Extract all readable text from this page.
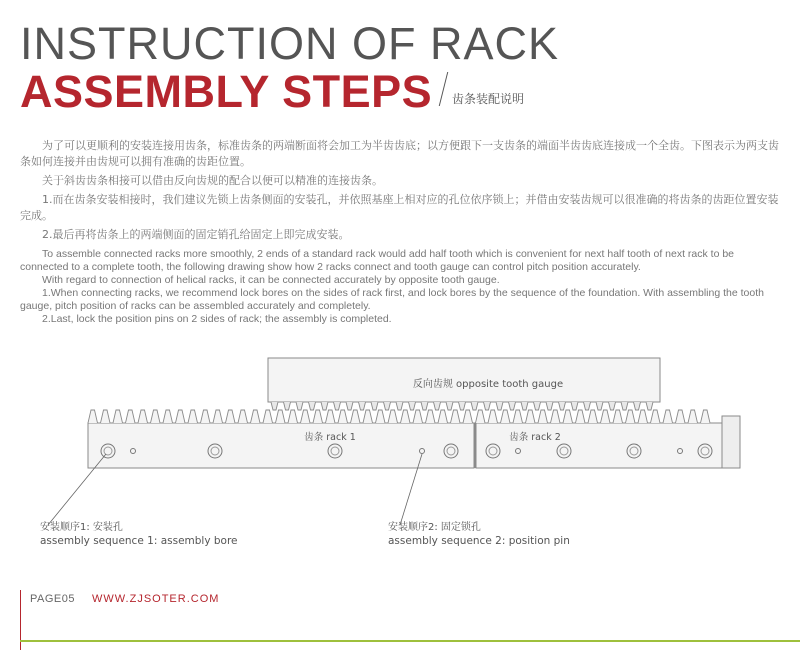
INSTRUCTION OF RACK
ASSEMBLY STEPS 齿条装配说明

为了可以更顺利的安装连接用齿条，标准齿条的两端断面将会加工为半齿齿底；以方便跟下一支齿条的端面半齿齿底连接成一个全齿。下图表示为两支齿条如何连接并由齿规可以拥有准确的齿距位置。

关于斜齿齿条相接可以借由反向齿规的配合以便可以精准的连接齿条。

1.而在齿条安装相接时，我们建议先锁上齿条侧面的安装孔，并依照基座上相对应的孔位依序锁上；并借由安装齿规可以很准确的将齿条的齿距位置安装完成。

2.最后再将齿条上的两端侧面的固定销孔给固定上即完成安装。

To assemble connected racks more smoothly, 2 ends of a standard rack would add half tooth which is convenient for next half tooth of next rack to be connected to a complete tooth, the following drawing show how 2 racks connect and tooth gauge can control pitch position accurately.

With regard to connection of helical racks, it can be connected accurately by opposite tooth gauge.

1.When connecting racks, we recommend lock bores on the sides of rack first, and lock bores by the sequence of the foundation. With assembling the tooth gauge, pitch position of racks can be assembled accurately and completely.

2.Last, lock the position pins on 2 sides of rack; the assembly is completed.

反向齿规 opposite tooth gauge
齿条 rack 1	齿条 rack 2
安装顺序1: 安装孔
assembly sequence 1: assembly bore
安装顺序2: 固定锁孔
assembly sequence 2: position pin
PAGE05 WWW.ZJSOTER.COM
